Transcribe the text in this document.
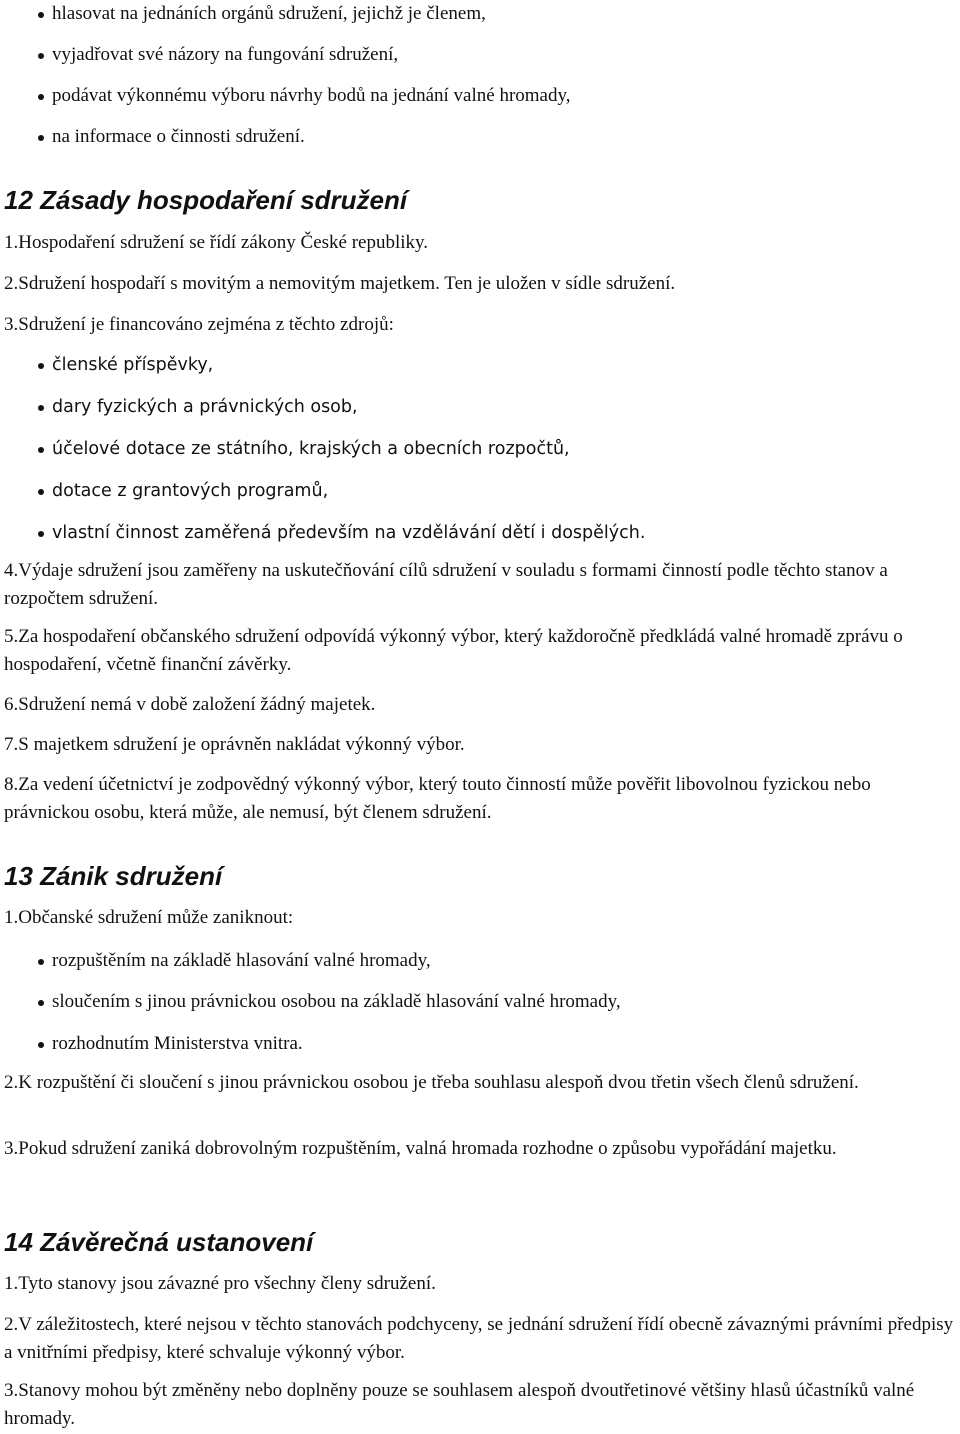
hlasovat na jednáních orgánů sdružení, jejichž je členem,
vyjadřovat své názory na fungování sdružení,
podávat výkonnému výboru návrhy bodů na jednání valné hromady,
na informace o činnosti sdružení.
12 Zásady hospodaření sdružení
1.Hospodaření sdružení se řídí zákony České republiky.
2.Sdružení hospodaří s movitým a nemovitým majetkem. Ten je uložen v sídle sdružení.
3.Sdružení je financováno zejména z těchto zdrojů:
členské příspěvky,
dary fyzických a právnických osob,
účelové dotace ze státního, krajských a obecních rozpočtů,
dotace z grantových programů,
vlastní činnost zaměřená především na vzdělávání dětí i dospělých.
4.Výdaje sdružení jsou zaměřeny na uskutečňování cílů sdružení v souladu s formami činností podle těchto stanov a rozpočtem sdružení.
5.Za hospodaření občanského sdružení odpovídá výkonný výbor, který každoročně předkládá valné hromadě zprávu o hospodaření, včetně finanční závěrky.
6.Sdružení nemá v době založení žádný majetek.
7.S majetkem sdružení je oprávněn nakládat výkonný výbor.
8.Za vedení účetnictví je zodpovědný výkonný výbor, který touto činností může pověřit libovolnou fyzickou nebo právnickou osobu, která může, ale nemusí, být členem sdružení.
13 Zánik sdružení
1.Občanské sdružení může zaniknout:
rozpuštěním na základě hlasování valné hromady,
sloučením s jinou právnickou osobou na základě hlasování valné hromady,
rozhodnutím Ministerstva vnitra.
2.K rozpuštění či sloučení s jinou právnickou osobou je třeba souhlasu alespoň dvou třetin všech členů sdružení.
3.Pokud sdružení zaniká dobrovolným rozpuštěním, valná hromada rozhodne o způsobu vypořádání majetku.
14 Závěrečná ustanovení
1.Tyto stanovy jsou závazné pro všechny členy sdružení.
2.V záležitostech, které nejsou v těchto stanovách podchyceny, se jednání sdružení řídí obecně závaznými právními předpisy a vnitřními předpisy, které schvaluje výkonný výbor.
3.Stanovy mohou být změněny nebo doplněny pouze se souhlasem alespoň dvoutřetinové většiny hlasů účastníků valné hromady.
